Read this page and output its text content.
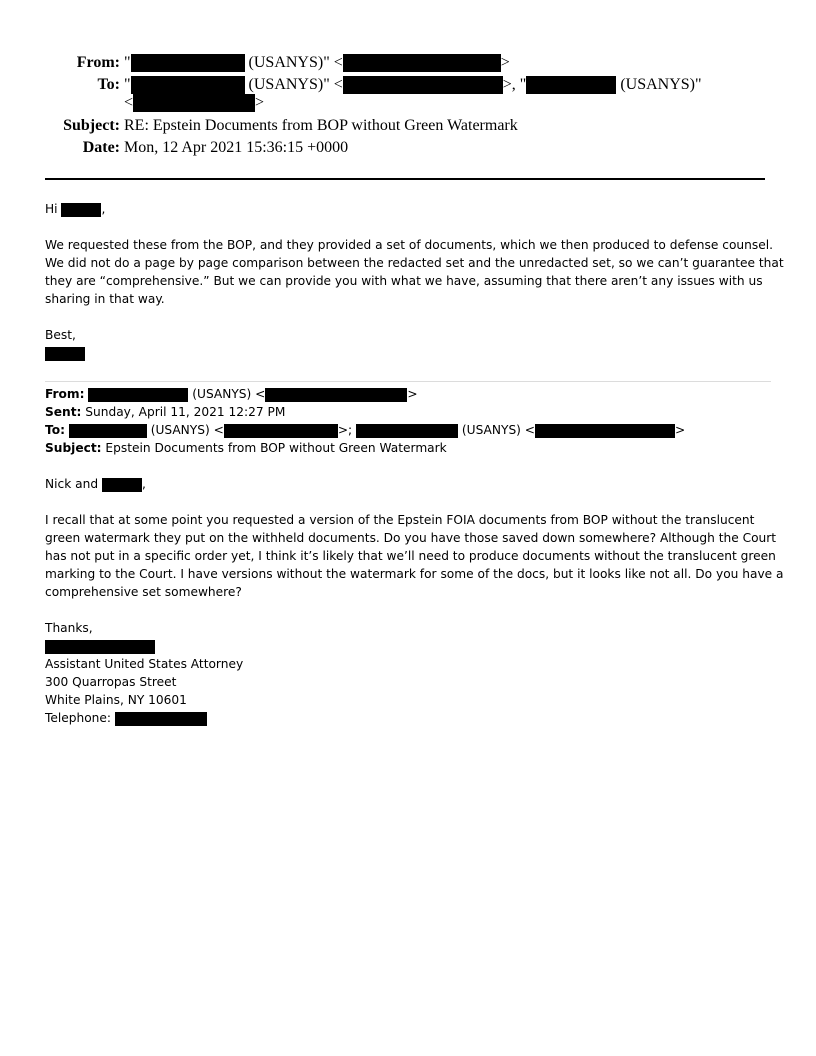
From: "	(USANYS)" <	>
To: "	(USANYS)" <	>, "	(USANYS)"
<	>
Subject: RE: Epstein Documents from BOP without Green Watermark
Date: Mon, 12 Apr 2021 15:36:15 +0000
Hi	,
We requested these from the BOP, and they provided a set of documents, which we then produced to defense counsel.
We did not do a page by page comparison between the redacted set and the unredacted set, so we can’t guarantee that
they are “comprehensive.” But we can provide you with what we have, assuming that there aren’t any issues with us
sharing in that way.
Best,
From:	(USANYS) <	>
Sent: Sunday, April 11, 2021 12:27 PM
To:	(USANYS) <	>;	(USANYS) <	>
Subject: Epstein Documents from BOP without Green Watermark
Nick and	,
I recall that at some point you requested a version of the Epstein FOIA documents from BOP without the translucent
green watermark they put on the withheld documents. Do you have those saved down somewhere? Although the Court
has not put in a specific order yet, I think it’s likely that we’ll need to produce documents without the translucent green
marking to the Court. I have versions without the watermark for some of the docs, but it looks like not all. Do you have a
comprehensive set somewhere?
Thanks,
Assistant United States Attorney
300 Quarropas Street
White Plains, NY 10601
Telephone:
